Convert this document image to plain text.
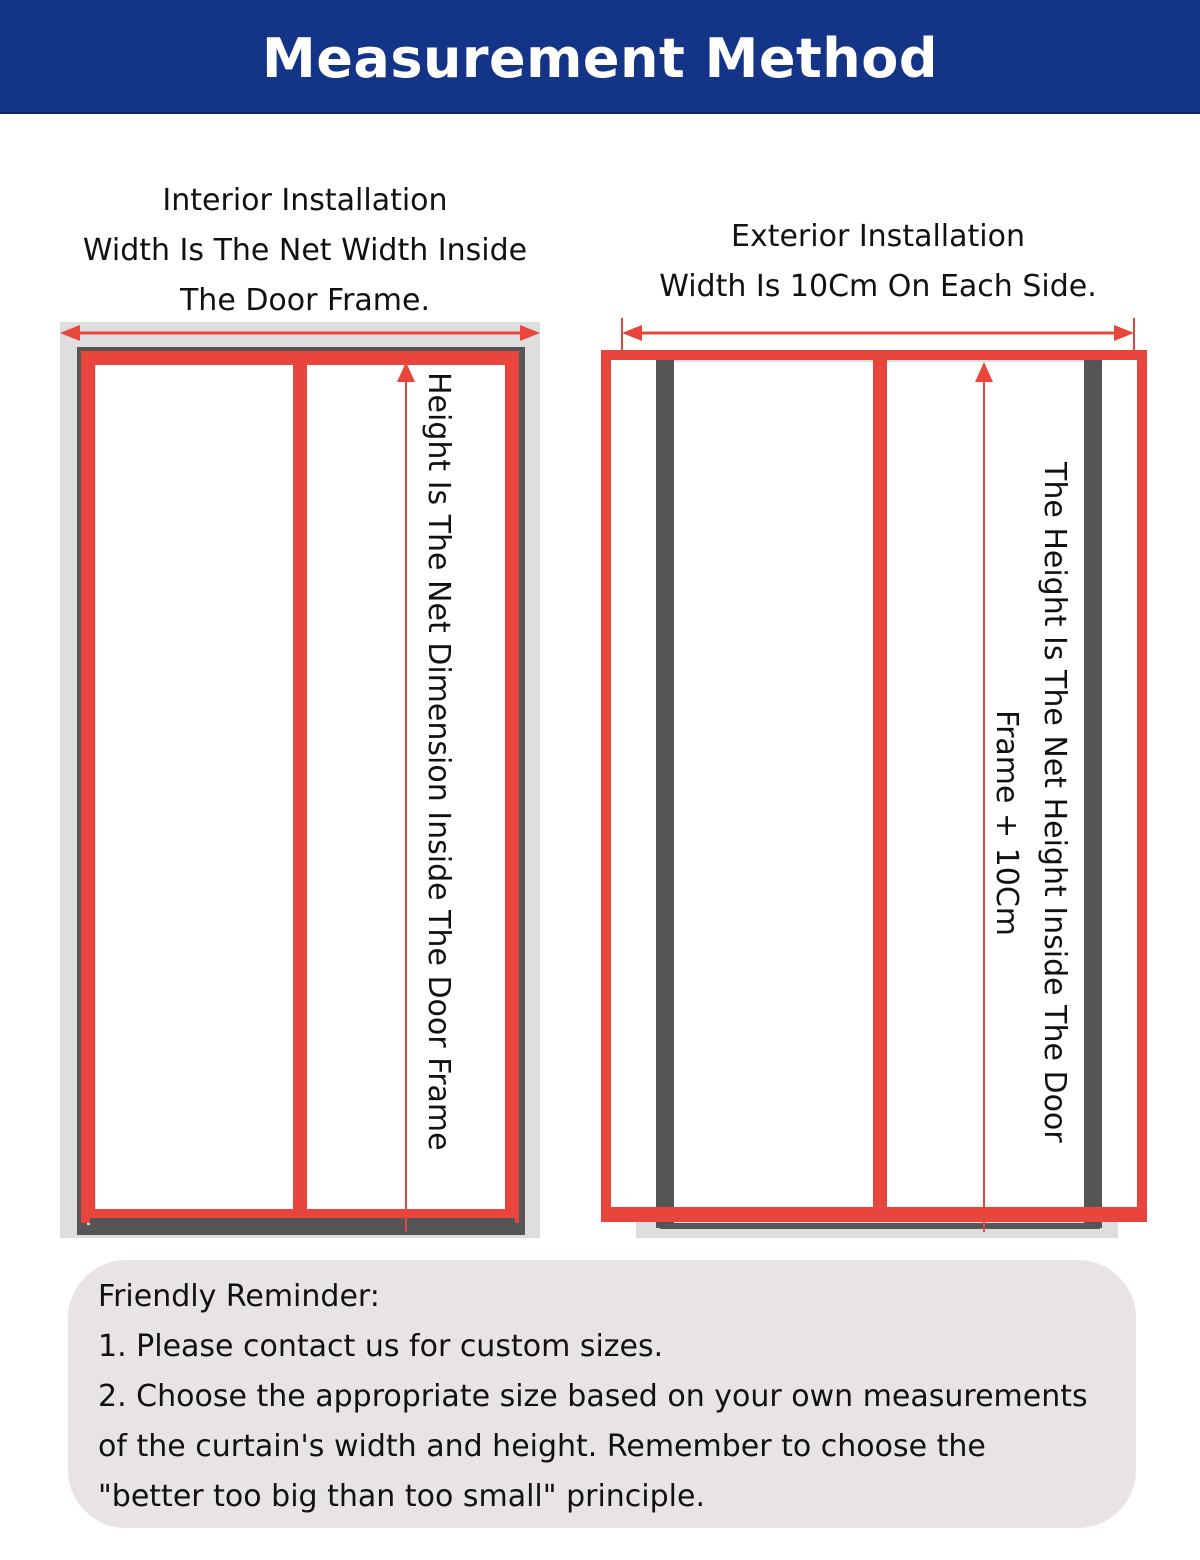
Measurement Method
Interior Installation
Width Is The Net Width Inside
The Door Frame.
Exterior Installation
Width Is 10Cm On Each Side.
Height Is The Net Dimension Inside The Door Frame	The Height Is The Net Height Inside The Door
Frame + 10Cm
Friendly Reminder:
1. Please contact us for custom sizes.
2. Choose the appropriate size based on your own measurements
of the curtain's width and height. Remember to choose the
"better too big than too small" principle.
